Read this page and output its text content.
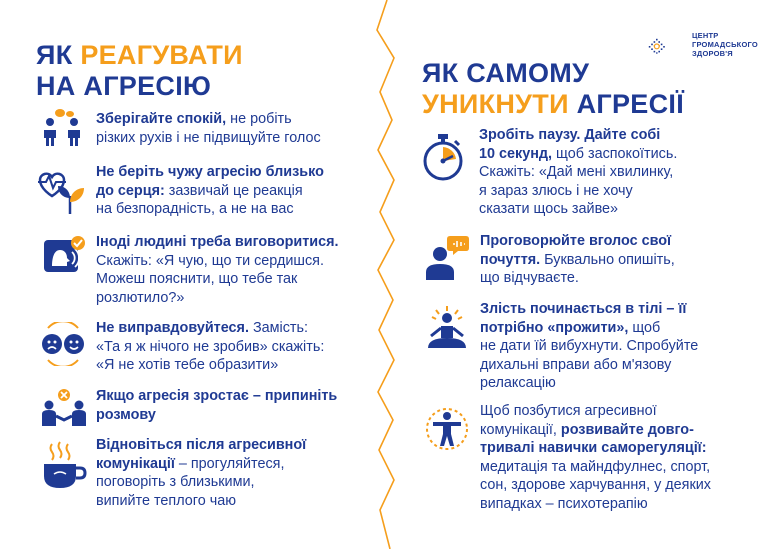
ЯК РЕАГУВАТИ
НА АГРЕСІЮ	ЯК САМОМУ
УНИКНУТИ АГРЕСІЇ
ЦЕНТР
ГРОМАДСЬКОГО
ЗДОРОВ'Я
Зберігайте спокій, не робіть
різких рухів і не підвищуйте голос
Не беріть чужу агресію близько
до серця: зазвичай це реакція
на безпорадність, а не на вас
Іноді людині треба виговоритися.
Скажіть: «Я чую, що ти сердишся.
Можеш пояснити, що тебе так
розлютило?»
Не виправдовуйтеся. Замість:
«Та я ж нічого не зробив» скажіть:
«Я не хотів тебе образити»
Якщо агресія зростає – припиніть
розмову
Відновіться після агресивної
комунікації – прогуляйтеся,
поговоріть з близькими,
випийте теплого чаю
Зробіть паузу. Дайте собі
10 секунд, щоб заспокоїтись.
Скажіть: «Дай мені хвилинку,
я зараз злюсь і не хочу
сказати щось зайве»
Проговорюйте вголос свої
почуття. Буквально опишіть,
що відчуваєте.
Злість починається в тілі – її
потрібно «прожити», щоб
не дати їй вибухнути. Спробуйте
дихальні вправи або м'язову
релаксацію
Щоб позбутися агресивної
комунікації, розвивайте довго-
тривалі навички саморегуляції:
медитація та майндфулнес, спорт,
сон, здорове харчування, у деяких
випадках – психотерапію
